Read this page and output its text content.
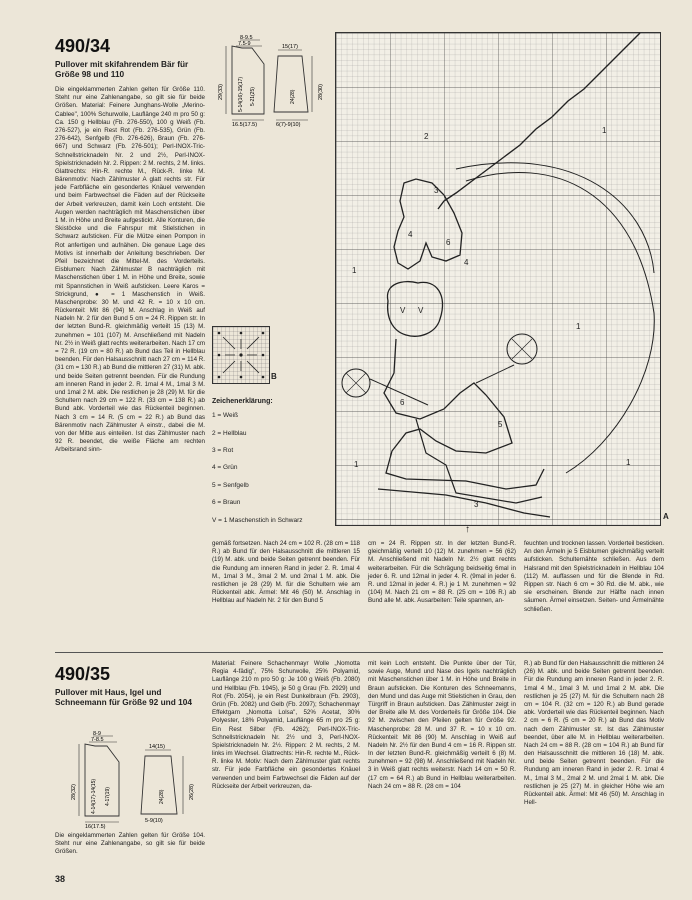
490/34
Pullover mit skifahrendem Bär für Größe 98 und 110

Die eingeklammerten Zahlen gelten für Größe 110. Steht nur eine Zahlenangabe, so gilt sie für beide Größen. Material: Feinere Junghans-Wolle „Merino-Cablee", 100% Schurwolle, Lauflänge 240 m pro 50 g: Ca. 150 g Hellblau (Fb. 276-550), 100 g Weiß (Fb. 276-527), je ein Rest Rot (Fb. 276-535), Grün (Fb. 276-642), Senfgelb (Fb. 276-626), Braun (Fb. 276-667) und Schwarz (Fb. 276-501); Perl-INOX-Tric-Schnellstricknadeln Nr. 2 und 2½, Perl-INOX-Spielstricknadeln Nr. 2. Rippen: 2 M. rechts, 2 M. links. Glattrechts: Hin-R. rechte M., Rück-R. linke M. Bärenmotiv: Nach Zählmuster A glatt rechts str. Für jede Farbfläche ein gesondertes Knäuel verwenden und beim Farbwechsel die Fäden auf der Rückseite der Arbeit verkreuzen, damit kein Loch entsteht. Die Augen werden nachträglich mit Maschenstichen über 1 M. in Höhe und Breite aufgestickt. Alle Konturen, die Skistöcke und die Fahrspur mit Stielstichen in Schwarz aufsticken. Für die Mütze einen Pompon in Rot anfertigen und aufnähen. Die genaue Lage des Motivs ist innerhalb der Anleitung beschrieben. Der Pfeil bezeichnet die Mittel-M. des Vorderteils. Eisblumen: Nach Zählmuster B nachträglich mit Maschenstichen über 1 M. in Höhe und Breite, sowie mit Spannstichen in Weiß aufsticken. Leere Karos = Strickgrund, ● = 1 Maschenstich in Weiß. Maschenprobe: 30 M. und 42 R. = 10 x 10 cm. Rückenteil: Mit 86 (94) M. Anschlag in Weiß auf Nadeln Nr. 2 für den Bund 5 cm = 24 R. Rippen str. In der letzten Bund-R. gleichmäßig verteilt 15 (13) M. zunehmen = 101 (107) M. Anschließend mit Nadeln Nr. 2½ in Weiß glatt rechts weiterarbeiten. Nach 17 cm = 72 R. (19 cm = 80 R.) ab Bund das Teil in Hellblau beenden. Für den Halsausschnitt nach 27 cm = 114 R. (31 cm = 130 R.) ab Bund die mittleren 27 (31) M. abk. und beide Seiten getrennt beenden. Für die Rundung am inneren Rand in jeder 2. R. 1mal 4 M., 1mal 3 M. und 1mal 2 M. abk. Die restlichen je 28 (29) M. für die Schultern nach 29 cm = 122 R. (33 cm = 138 R.) ab Bund abk. Vorderteil wie das Rückenteil beginnen. Nach 3 cm = 14 R. (5 cm = 22 R.) ab Bund das Bärenmotiv nach Zählmuster A einstr., dabei die M. von der Mitte aus einteilen. Ist das Zählmuster nach 92 R. beendet, die weiße Fläche am rechten Arbeitsrand sinn-

8-9.5
7.5-9	15(17)
29(33)	5-14(16)-15(17) 5-21(25)	24(28)
16.5(17.5)	6(7)-9(10)
28(30)
B
Zeichenerklärung:
1 = Weiß
2 = Hellblau
3 = Rot
4 = Grün
5 = Senfgelb
6 = Braun
V = 1 Maschenstich in Schwarz
V V
2
1
3
4
6
4
1
1
6
5
1
3
1
A
↑

gemäß fortsetzen. Nach 24 cm = 102 R. (28 cm = 118 R.) ab Bund für den Halsausschnitt die mittleren 15 (19) M. abk. und beide Seiten getrennt beenden. Für die Rundung am inneren Rand in jeder 2. R. 1mal 4 M., 1mal 3 M., 3mal 2 M. und 2mal 1 M. abk. Die restlichen je 28 (29) M. für die Schultern wie am Rückenteil abk. Ärmel: Mit 46 (50) M. Anschlag in Hellblau auf Nadeln Nr. 2 für den Bund 5

cm = 24 R. Rippen str. In der letzten Bund-R. gleichmäßig verteilt 10 (12) M. zunehmen = 56 (62) M. Anschließend mit Nadeln Nr. 2½ glatt rechts weiterarbeiten. Für die Schrägung beidseitig 6mal in jeder 6. R. und 12mal in jeder 4. R. (9mal in jeder 6. R. und 12mal in jeder 4. R.) je 1 M. zunehmen = 92 (104) M. Nach 21 cm = 88 R. (25 cm = 106 R.) ab Bund alle M. abk. Ausarbeiten: Teile spannen, an-

feuchten und trocknen lassen. Vorderteil besticken. An den Ärmeln je 5 Eisblumen gleichmäßig verteilt aufsticken. Schulternähte schließen. Aus dem Halsrand mit den Spielstricknadeln in Hellblau 104 (112) M. auffassen und für die Blende in Rd. Rippen str. Nach 6 cm = 30 Rd. die M. abk., wie sie erscheinen. Blende zur Hälfte nach innen säumen. Ärmel einsetzen. Seiten- und Ärmelnähte schließen.

490/35
Pullover mit Haus, Igel und Schneemann für Größe 92 und 104
8-9
7-8.5
14(15)
28(32)	4-14(17)-14(15) 4-17(19)	24(28)
16(17.5)
5-9(10)
26(28)

Die eingeklammerten Zahlen gelten für Größe 104. Steht nur eine Zahlenangabe, so gilt sie für beide Größen.

Material: Feinere Schachenmayr Wolle „Nomotta Regia 4-fädig", 75% Schurwolle, 25% Polyamid, Lauflänge 210 m pro 50 g: Je 100 g Weiß (Fb. 2080) und Hellblau (Fb. 1945), je 50 g Grau (Fb. 2929) und Rot (Fb. 2054), je ein Rest Dunkelbraun (Fb. 2903), Grün (Fb. 2082) und Gelb (Fb. 2097); Schachenmayr Effektgarn „Nomotta Lolsa", 52% Acetat, 30% Polyester, 18% Polyamid, Lauflänge 65 m pro 25 g: Ein Rest Silber (Fb. 4262); Perl-INOX-Tric-Schnellstricknadeln Nr. 2½ und 3, Perl-INOX-Spielstricknadeln Nr. 2½. Rippen: 2 M. rechts, 2 M. links im Wechsel. Glattrechts: Hin-R. rechte M., Rück-R. linke M. Motiv: Nach dem Zählmuster glatt rechts str. Für jede Farbfläche ein gesondertes Knäuel verwenden und beim Farbwechsel die Fäden auf der Rückseite der Arbeit verkreuzen, da-

mit kein Loch entsteht. Die Punkte über der Tür, sowie Auge, Mund und Nase des Igels nachträglich mit Maschenstichen über 1 M. in Höhe und Breite in Braun aufsticken. Die Konturen des Schneemanns, den Mund und das Auge mit Stielstichen in Grau, den Türgriff in Braun aufsticken. Das Zählmuster zeigt in der Breite alle M. des Vorderteils für Größe 104. Die 92 M. zwischen den Pfeilen gelten für Größe 92. Maschenprobe: 28 M. und 37 R. = 10 x 10 cm. Rückenteil: Mit 86 (90) M. Anschlag in Weiß auf Nadeln Nr. 2½ für den Bund 4 cm = 16 R. Rippen str. In der letzten Bund-R. gleichmäßig verteilt 6 (8) M. zunehmen = 92 (98) M. Anschließend mit Nadeln Nr. 3 in Weiß glatt rechts weiterstr. Nach 14 cm = 50 R. (17 cm = 64 R.) ab Bund in Hellblau weiterarbeiten. Nach 24 cm = 88 R. (28 cm = 104

R.) ab Bund für den Halsausschnitt die mittleren 24 (26) M. abk. und beide Seiten getrennt beenden. Für die Rundung am inneren Rand in jeder 2. R. 1mal 4 M., 1mal 3 M. und 1mal 2 M. abk. Die restlichen je 25 (27) M. für die Schultern nach 28 cm = 104 R. (32 cm = 120 R.) ab Bund gerade abk. Vorderteil wie das Rückenteil beginnen. Nach 2 cm = 6 R. (5 cm = 20 R.) ab Bund das Motiv nach dem Zählmuster str. Ist das Zählmuster beendet, über alle M. in Hellblau weiterarbeiten. Nach 24 cm = 88 R. (28 cm = 104 R.) ab Bund für den Halsausschnitt die mittleren 16 (18) M. abk. und beide Seiten getrennt beenden. Für die Rundung am inneren Rand in jeder 2. R. 1mal 4 M., 1mal 3 M., 2mal 2 M. und 2mal 1 M. abk. Die restlichen je 25 (27) M. in gleicher Höhe wie am Rückenteil abk. Ärmel: Mit 46 (50) M. Anschlag in Hell-

38
